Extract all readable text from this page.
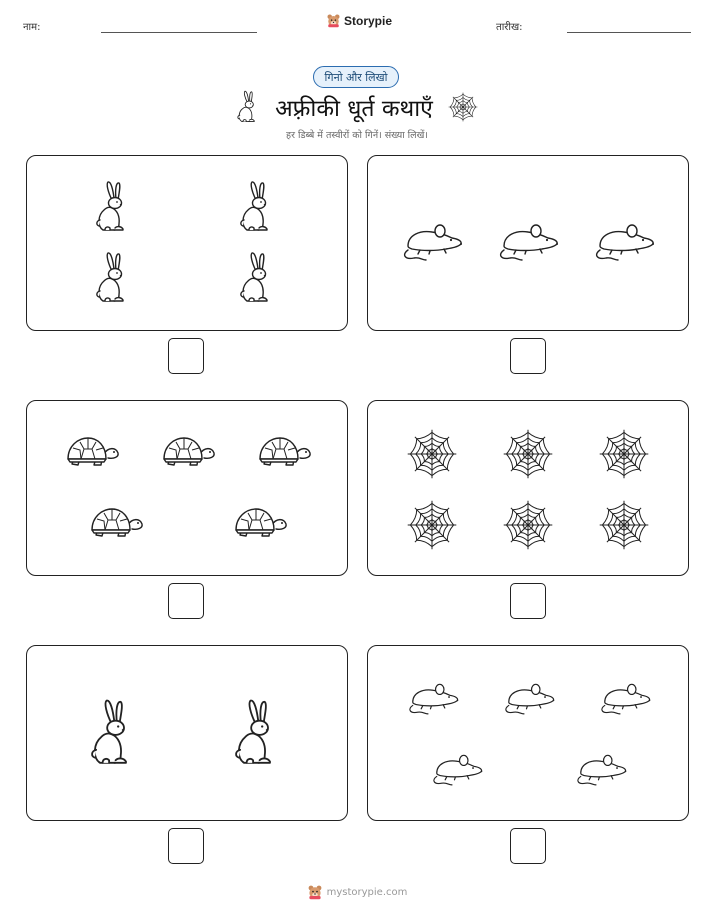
नाम:	Storypie	तारीख:
गिनो और लिखो
अफ़्रीकी धूर्त कथाएँ
हर डिब्बे में तस्वीरों को गिनें। संख्या लिखें।
mystorypie.com
